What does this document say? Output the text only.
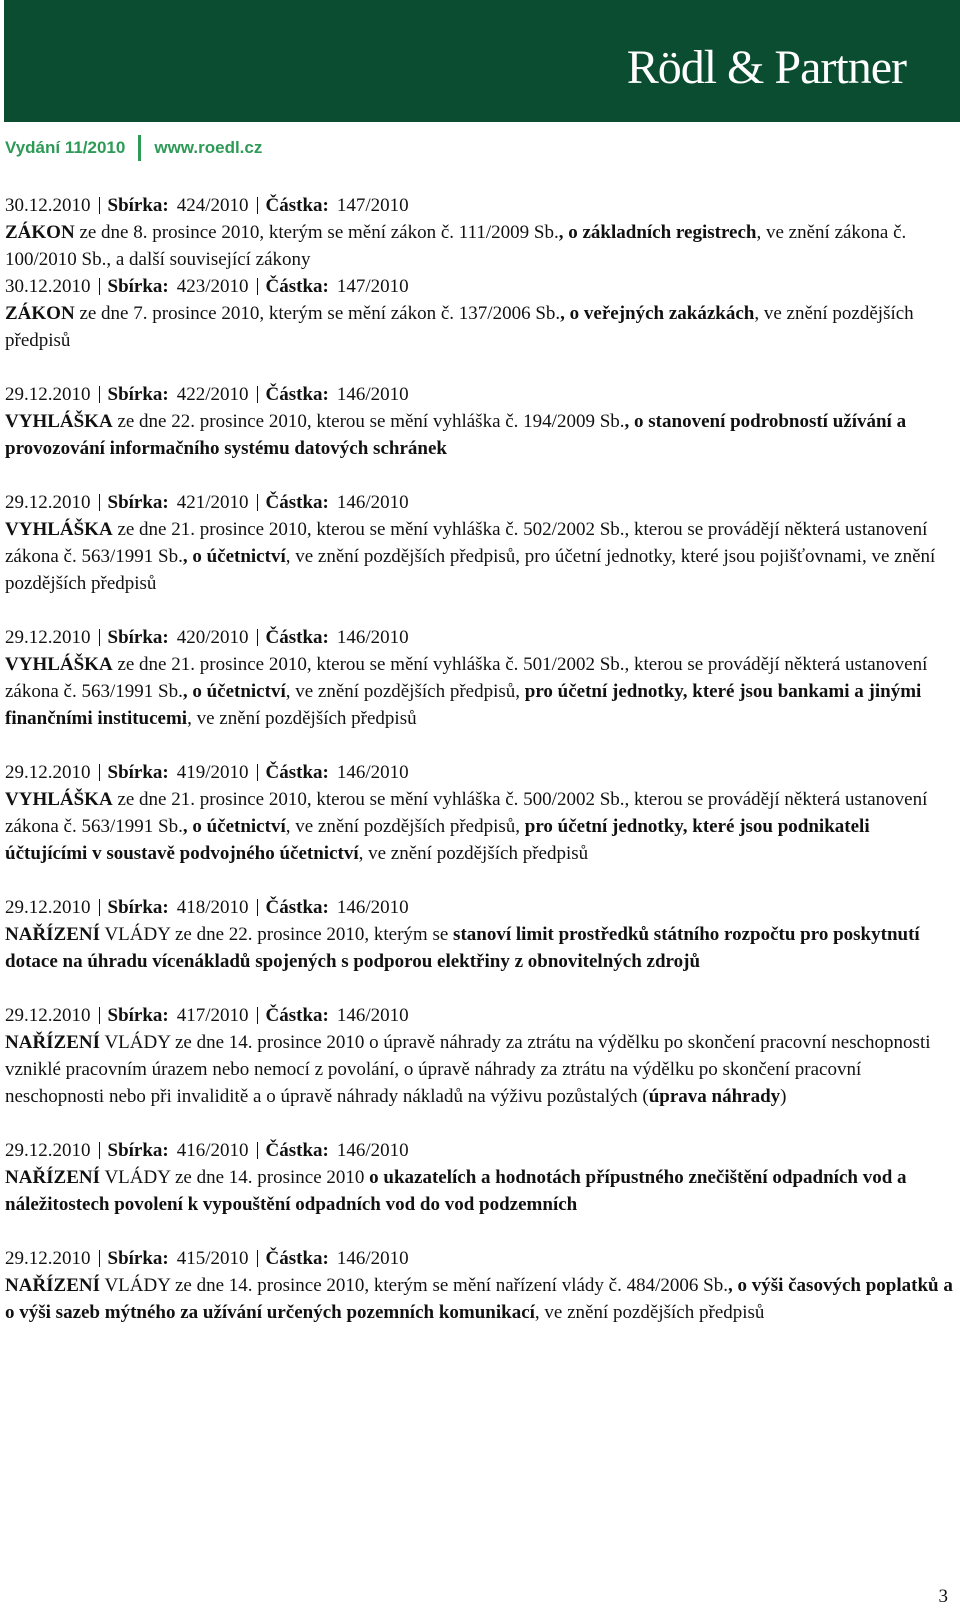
Rödl & Partner
Vydání 11/2010 www.roedl.cz
30.12.2010 Sbírka: 424/2010 Částka: 147/2010

ZÁKON ze dne 8. prosince 2010, kterým se mění zákon č. 111/2009 Sb., o základních registrech, ve znění zákona č. 100/2010 Sb., a další související zákony

30.12.2010 Sbírka: 423/2010 Částka: 147/2010

ZÁKON ze dne 7. prosince 2010, kterým se mění zákon č. 137/2006 Sb., o veřejných zakázkách, ve znění pozdějších předpisů

29.12.2010 Sbírka: 422/2010 Částka: 146/2010

VYHLÁŠKA ze dne 22. prosince 2010, kterou se mění vyhláška č. 194/2009 Sb., o stanovení podrobností užívání a provozování informačního systému datových schránek

29.12.2010 Sbírka: 421/2010 Částka: 146/2010

VYHLÁŠKA ze dne 21. prosince 2010, kterou se mění vyhláška č. 502/2002 Sb., kterou se provádějí některá ustanovení zákona č. 563/1991 Sb., o účetnictví, ve znění pozdějších předpisů, pro účetní jednotky, které jsou pojišťovnami, ve znění pozdějších předpisů

29.12.2010 Sbírka: 420/2010 Částka: 146/2010

VYHLÁŠKA ze dne 21. prosince 2010, kterou se mění vyhláška č. 501/2002 Sb., kterou se provádějí některá ustanovení zákona č. 563/1991 Sb., o účetnictví, ve znění pozdějších předpisů, pro účetní jednotky, které jsou bankami a jinými finančními institucemi, ve znění pozdějších předpisů

29.12.2010 Sbírka: 419/2010 Částka: 146/2010

VYHLÁŠKA ze dne 21. prosince 2010, kterou se mění vyhláška č. 500/2002 Sb., kterou se provádějí některá ustanovení zákona č. 563/1991 Sb., o účetnictví, ve znění pozdějších předpisů, pro účetní jednotky, které jsou podnikateli účtujícími v soustavě podvojného účetnictví, ve znění pozdějších předpisů

29.12.2010 Sbírka: 418/2010 Částka: 146/2010

NAŘÍZENÍ VLÁDY ze dne 22. prosince 2010, kterým se stanoví limit prostředků státního rozpočtu pro poskytnutí dotace na úhradu vícenákladů spojených s podporou elektřiny z obnovitelných zdrojů

29.12.2010 Sbírka: 417/2010 Částka: 146/2010

NAŘÍZENÍ VLÁDY ze dne 14. prosince 2010 o úpravě náhrady za ztrátu na výdělku po skončení pracovní neschopnosti vzniklé pracovním úrazem nebo nemocí z povolání, o úpravě náhrady za ztrátu na výdělku po skončení pracovní neschopnosti nebo při invaliditě a o úpravě náhrady nákladů na výživu pozůstalých (úprava náhrady)

29.12.2010 Sbírka: 416/2010 Částka: 146/2010

NAŘÍZENÍ VLÁDY ze dne 14. prosince 2010 o ukazatelích a hodnotách přípustného znečištění odpadních vod a náležitostech povolení k vypouštění odpadních vod do vod podzemních

29.12.2010 Sbírka: 415/2010 Částka: 146/2010

NAŘÍZENÍ VLÁDY ze dne 14. prosince 2010, kterým se mění nařízení vlády č. 484/2006 Sb., o výši časových poplatků a o výši sazeb mýtného za užívání určených pozemních komunikací, ve znění pozdějších předpisů

3
